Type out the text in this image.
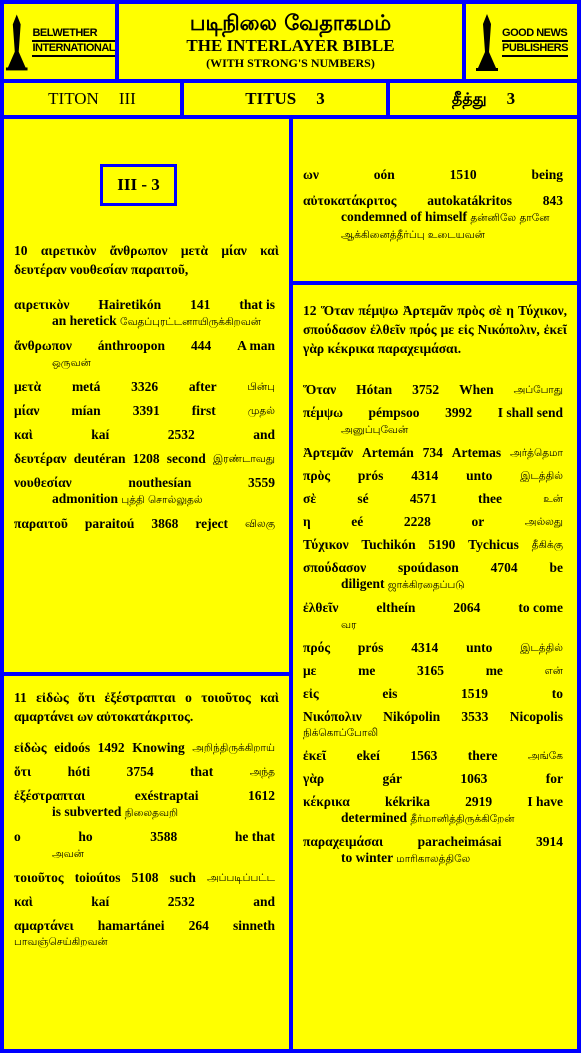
BELWETHER
INTERNATIONAL
படிநிலை வேதாகமம்
THE INTERLAYER BIBLE
(WITH STRONG'S NUMBERS)
GOOD NEWS
PUBLISHERS
TITON III	TITUS 3	தீத்து 3
III - 3
10 αιρετικὸν ἄνθρωπον μετὰ μίαν καὶ δευτέραν νουθεσίαν παραιτοῦ,
αιρετικὸν Hairetikón 141 that is
an heretick வேதப்புரட்டனாயிருக்கிறவன்
ἄνθρωπον ánthroopon 444 A man
ஒருவன்
μετὰ metá 3326 after	பின்பு
μίαν mían 3391 first	முதல்
καὶ	kaí	2532	and
δευτέραν deutéran 1208 second இரண்டாவது
νουθεσίαν	nouthesían	3559
admonition புத்தி சொல்லுதல்
παραιτοῦ paraitoú 3868 reject விலகு
11 εἰδὼς ὅτι ἐξέστραπται ο τοιοῦτος καὶ αμαρτάνει ων αὐτοκατάκριτος.
εἰδὼς eidoós 1492 Knowing அறிந்திருக்கிறாய்
ὅτι	hóti	3754	that	அந்த
ἐξέστραπται	exéstraptai	1612
is subverted நிலைதவறி
ο	ho	3588	he that
அவன்
τοιοῦτος toioútos 5108 such அப்படிப்பட்ட
καὶ	kaí	2532	and
αμαρτάνει hamartánei 264 sinneth
பாவஞ்செய்கிறவன்
ων	oón	1510	being
αὐτοκατάκριτος autokatákritos 843
condemned of himself தன்னிலே தானே ஆக்கினைத்தீர்ப்பு உடையவன்
12 Ὅταν πέμψω Ἀρτεμᾶν πρὸς σὲ η Τύχικον, σπούδασον ἐλθεῖν πρός με εἰς Νικόπολιν, ἐκεῖ γὰρ κέκρικα παραχειμάσαι.
Ὅταν Hótan 3752 When அப்போது
πέμψω pémpsoo 3992 I shall send
அனுப்புவேன்
Ἀρτεμᾶν Artemán 734 Artemas அர்த்தெமா
πρὸς prós 4314 unto	இடத்தில்
σὲ	sé	4571	thee	உன்
η	eé	2228	or	அல்லது
Τύχικον Tuchikón 5190 Tychicus தீகிக்கு
σπούδασον spoúdason 4704 be
diligent ஜாக்கிரதைப்படு
ἐλθεῖν	eltheín	2064	to come
வர
πρός prós 4314 unto	இடத்தில்
με	me	3165	me	என்
εἰς	eis	1519	to
Νικόπολιν Nikópolin 3533 Nicopolis
நிக்கொப்போலி
ἐκεῖ ekeí 1563 there	அங்கே
γὰρ	gár	1063	for
κέκρικα	kékrika	2919	I have
determined தீர்மானித்திருக்கிறேன்
παραχειμάσαι	paracheimásai	3914
to winter மாரிகாலத்திலே
